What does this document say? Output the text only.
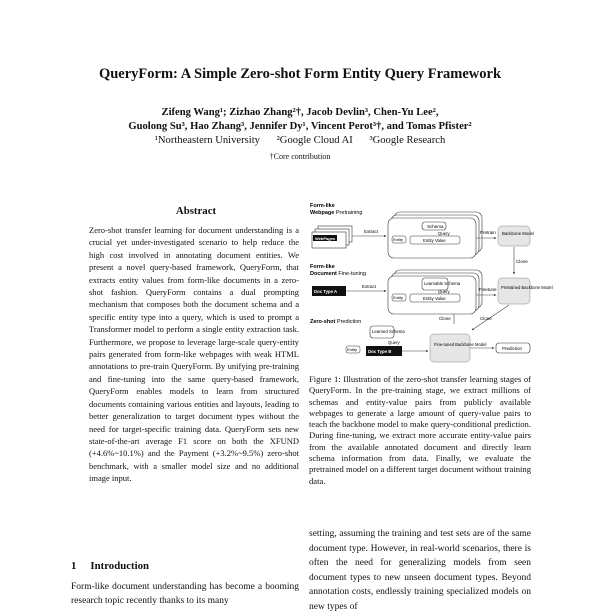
QueryForm: A Simple Zero-shot Form Entity Query Framework
Zifeng Wang¹; Zizhao Zhang²†, Jacob Devlin³, Chen-Yu Lee²,
Guolong Su³, Hao Zhang³, Jennifer Dy¹, Vincent Perot³†, and Tomas Pfister²
¹Northeastern University ²Google Cloud AI ³Google Research
†Core contribution
Abstract
Zero-shot transfer learning for document understanding is a crucial yet under-investigated scenario to help reduce the high cost involved in annotating document entities. We present a novel query-based framework, QueryForm, that extracts entity values from form-like documents in a zero-shot fashion. QueryForm contains a dual prompting mechanism that composes both the document schema and a specific entity type into a query, which is used to prompt a Transformer model to perform a single entity extraction task. Furthermore, we propose to leverage large-scale query-entity pairs generated from form-like webpages with weak HTML annotations to pre-train QueryForm. By unifying pre-training and fine-tuning into the same query-based framework, QueryForm enables models to learn from structured documents containing various entities and layouts, leading to better generalization to target document types without the need for target-specific training data. QueryForm sets new state-of-the-art average F1 score on both the XFUND (+4.6%~10.1%) and the Payment (+3.2%~9.5%) zero-shot benchmark, with a smaller model size and no additional image input.
1 Introduction
Form-like document understanding has become a booming research topic recently thanks to its many
Form-like
Webpage Pretraining
WebPages
Extract
Schema
Query
Entity	Entity Value
Pretrain Backbone Model
Clone
Form-like
Document Fine-tuning
Doc Type A
Extract
Learnable Schema
Query
Entity	Entity Value
Finetune Pretrained Backbone Model
Clone	Clone
Zero-shot Prediction
Learned Schema
Query
Entity	Doc Type B
Fine-tuned Backbone Model
Prediction
Figure 1: Illustration of the zero-shot transfer learning stages of QueryForm. In the pre-training stage, we extract millions of schemas and entity-value pairs from publicly available webpages to generate a large amount of query-value pairs to teach the backbone model to make query-conditional prediction. During fine-tuning, we extract more accurate entity-value pairs from the available annotated document and directly learn schema information from data. Finally, we evaluate the pretrained model on a different target document without training data.
setting, assuming the training and test sets are of the same document type. However, in real-world scenarios, there is often the need for generalizing models from seen document types to new unseen document types. Beyond annotation costs, endlessly training specialized models on new types of
